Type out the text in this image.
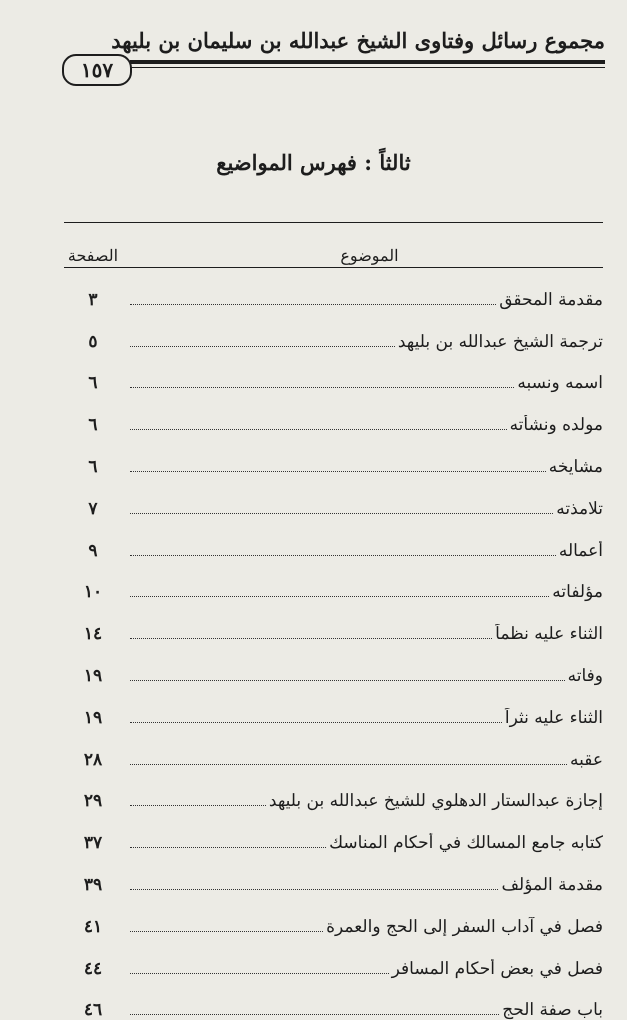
مجموع رسائل وفتاوى الشيخ عبدالله بن سليمان بن بليهد
١٥٧
ثالثاً : فهرس المواضيع
الموضوع
الصفحة
مقدمة المحقق
٣
ترجمة الشيخ عبدالله بن بليهد
٥
اسمه ونسبه
٦
مولده ونشأته
٦
مشايخه
٦
تلامذته
٧
أعماله
٩
مؤلفاته
١٠
الثناء عليه نظماً
١٤
وفاته
١٩
الثناء عليه نثراً
١٩
عقبه
٢٨
إجازة عبدالستار الدهلوي للشيخ عبدالله بن بليهد
٢٩
كتابه جامع المسالك في أحكام المناسك
٣٧
مقدمة المؤلف
٣٩
فصل في آداب السفر إلى الحج والعمرة
٤١
فصل في بعض أحكام المسافر
٤٤
باب صفة الحج
٤٦
